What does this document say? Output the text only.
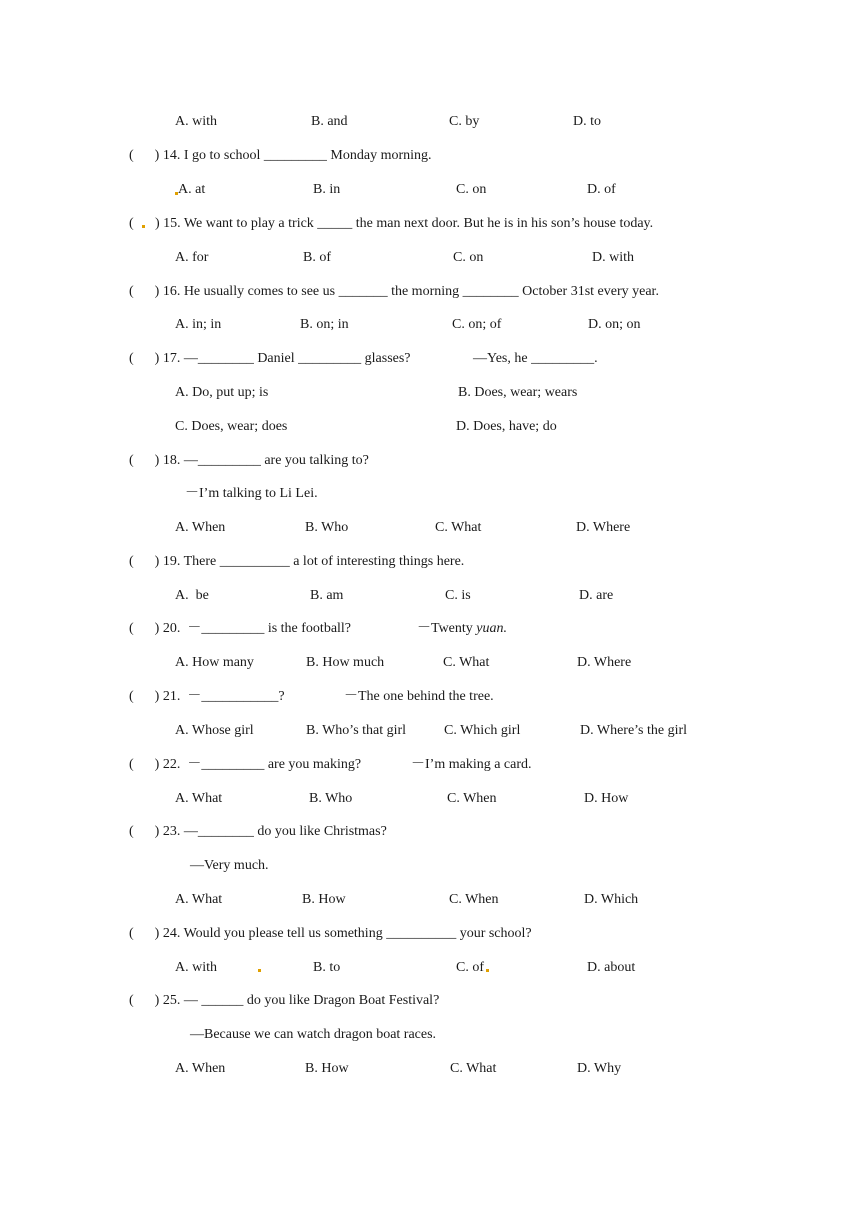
A. with	B. and	C. by	D. to
(      ) 14. I go to school _________ Monday morning.
A. at	B. in	C. on	D. of
( ) 15. We want to play a trick _____ the man next door. But he is in his son’s house today.
A. for	B. of	C. on	D. with
(      ) 16. He usually comes to see us _______ the morning ________ October 31st every year.
A. in; in	B. on; in	C. on; of	D. on; on
(      ) 17. —________ Daniel _________ glasses?	—Yes, he _________.
A. Do, put up; is	B. Does, wear; wears
C. Does, wear; does	D. Does, have; do
(      ) 18. —_________ are you talking to?
－I’m talking to Li Lei.
A. When	B. Who	C. What	D. Where
(      ) 19. There __________ a lot of interesting things here.
A.  be	B. am	C. is	D. are
(      ) 20.  －_________ is the football?	－Twenty yuan.
A. How many	B. How much	C. What	D. Where
(      ) 21.  －___________?	－The one behind the tree.
A. Whose girl	B. Who’s that girl	C. Which girl	D. Where’s the girl
(      ) 22.  －_________ are you making?	－I’m making a card.
A. What	B. Who	C. When	D. How
(      ) 23. —________ do you like Christmas?
—Very much.
A. What	B. How	C. When	D. Which
(      ) 24. Would you please tell us something __________ your school?
A. with	B. to	C. of	D. about
(      ) 25. — ______ do you like Dragon Boat Festival?
—Because we can watch dragon boat races.
A. When	B. How	C. What	D. Why
